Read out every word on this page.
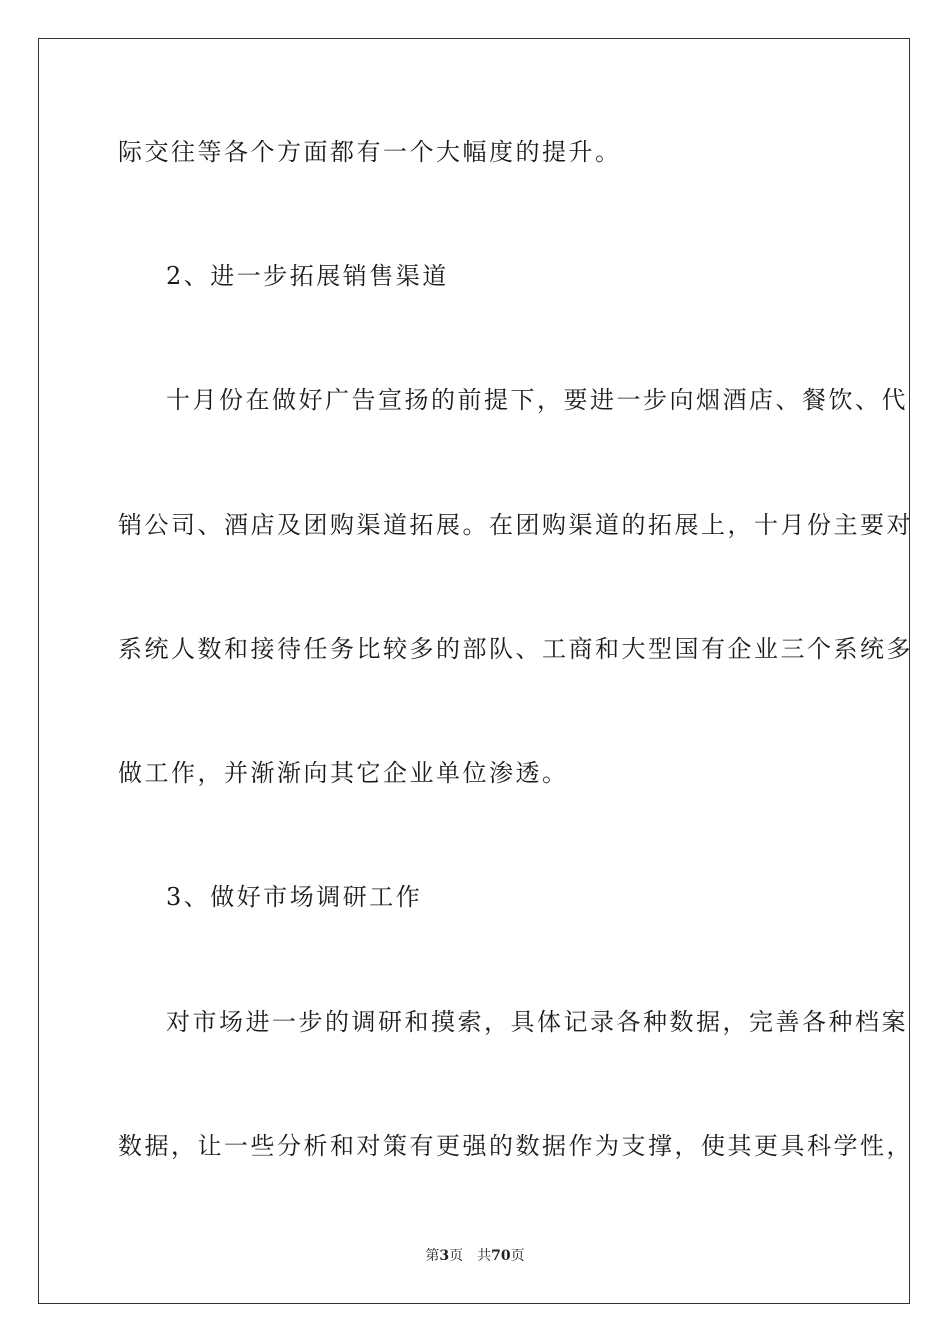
际交往等各个方面都有一个大幅度的提升。
2、进一步拓展销售渠道
十月份在做好广告宣扬的前提下，要进一步向烟酒店、餐饮、代
销公司、酒店及团购渠道拓展。在团购渠道的拓展上，十月份主要对
系统人数和接待任务比较多的部队、工商和大型国有企业三个系统多
做工作，并渐渐向其它企业单位渗透。
3、做好市场调研工作
对市场进一步的调研和摸索，具体记录各种数据，完善各种档案
数据，让一些分析和对策有更强的数据作为支撑，使其更具科学性，
第3页 共70页
